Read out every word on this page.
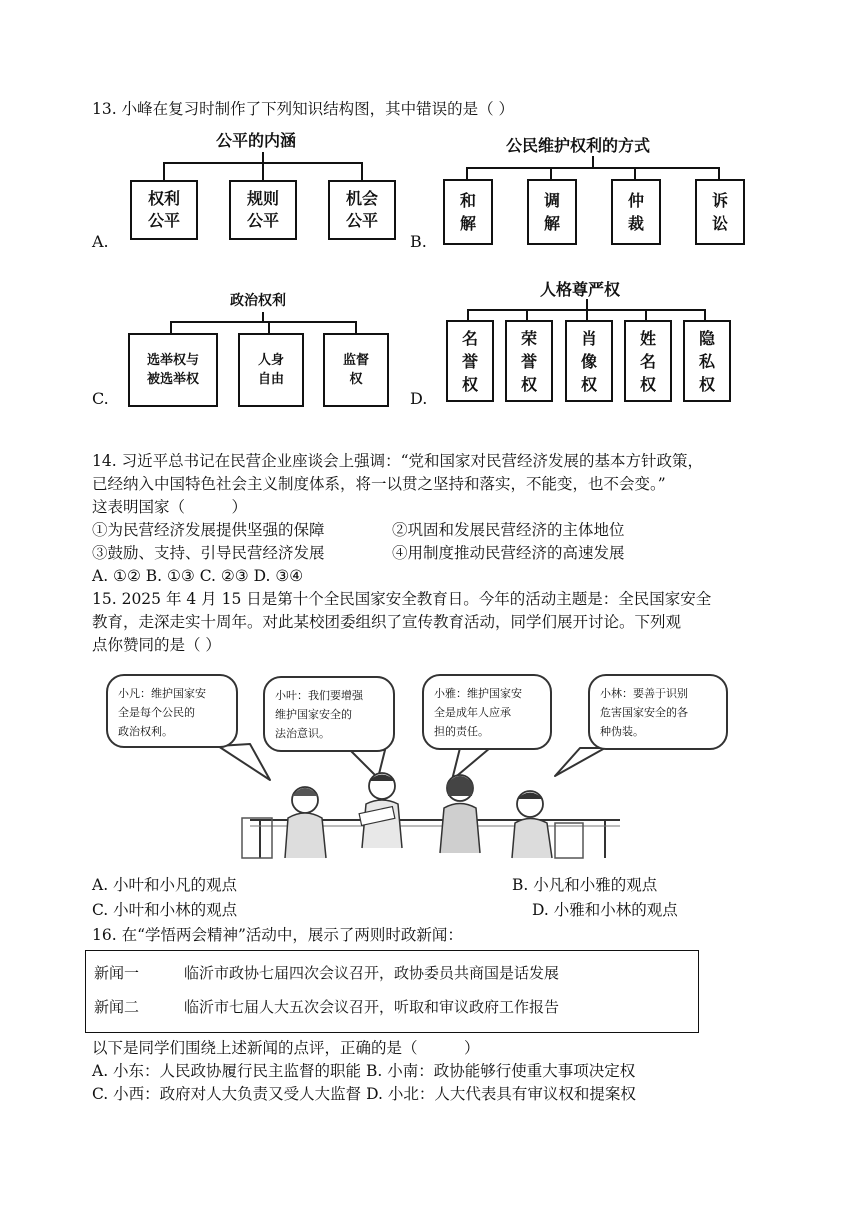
13. 小峰在复习时制作了下列知识结构图，其中错误的是（ ）
公平的内涵
权利
公平
规则
公平
机会
公平
A.
公民维护权利的方式
和
解
调
解
仲
裁
诉
讼
B.
政治权利
选举权与
被选举权
人身
自由
监督
权
C.
人格尊严权
名
誉
权
荣
誉
权
肖
像
权
姓
名
权
隐
私
权
D.
14. 习近平总书记在民营企业座谈会上强调：“党和国家对民营经济发展的基本方针政策，
已经纳入中国特色社会主义制度体系，将一以贯之坚持和落实，不能变，也不会变。”
这表明国家（　　　）
①为民营经济发展提供坚强的保障	②巩固和发展民营经济的主体地位
③鼓励、支持、引导民营经济发展	④用制度推动民营经济的高速发展
A. ①② B. ①③ C. ②③ D. ③④
15. 2025 年 4 月 15 日是第十个全民国家安全教育日。今年的活动主题是：全民国家安全
教育，走深走实十周年。对此某校团委组织了宣传教育活动，同学们展开讨论。下列观
点你赞同的是（ ）
小凡：维护国家安
全是每个公民的
政治权利。
小叶：我们要增强
维护国家安全的
法治意识。
小雅：维护国家安
全是成年人应承
担的责任。
小林：要善于识别
危害国家安全的各
种伪装。
A. 小叶和小凡的观点	B. 小凡和小雅的观点
C. 小叶和小林的观点	D. 小雅和小林的观点
16. 在“学悟两会精神”活动中，展示了两则时政新闻：
新闻一	临沂市政协七届四次会议召开，政协委员共商国是话发展
新闻二	临沂市七届人大五次会议召开，听取和审议政府工作报告
以下是同学们围绕上述新闻的点评，正确的是（　　　）
A. 小东：人民政协履行民主监督的职能 B. 小南：政协能够行使重大事项决定权
C. 小西：政府对人大负责又受人大监督 D. 小北：人大代表具有审议权和提案权
